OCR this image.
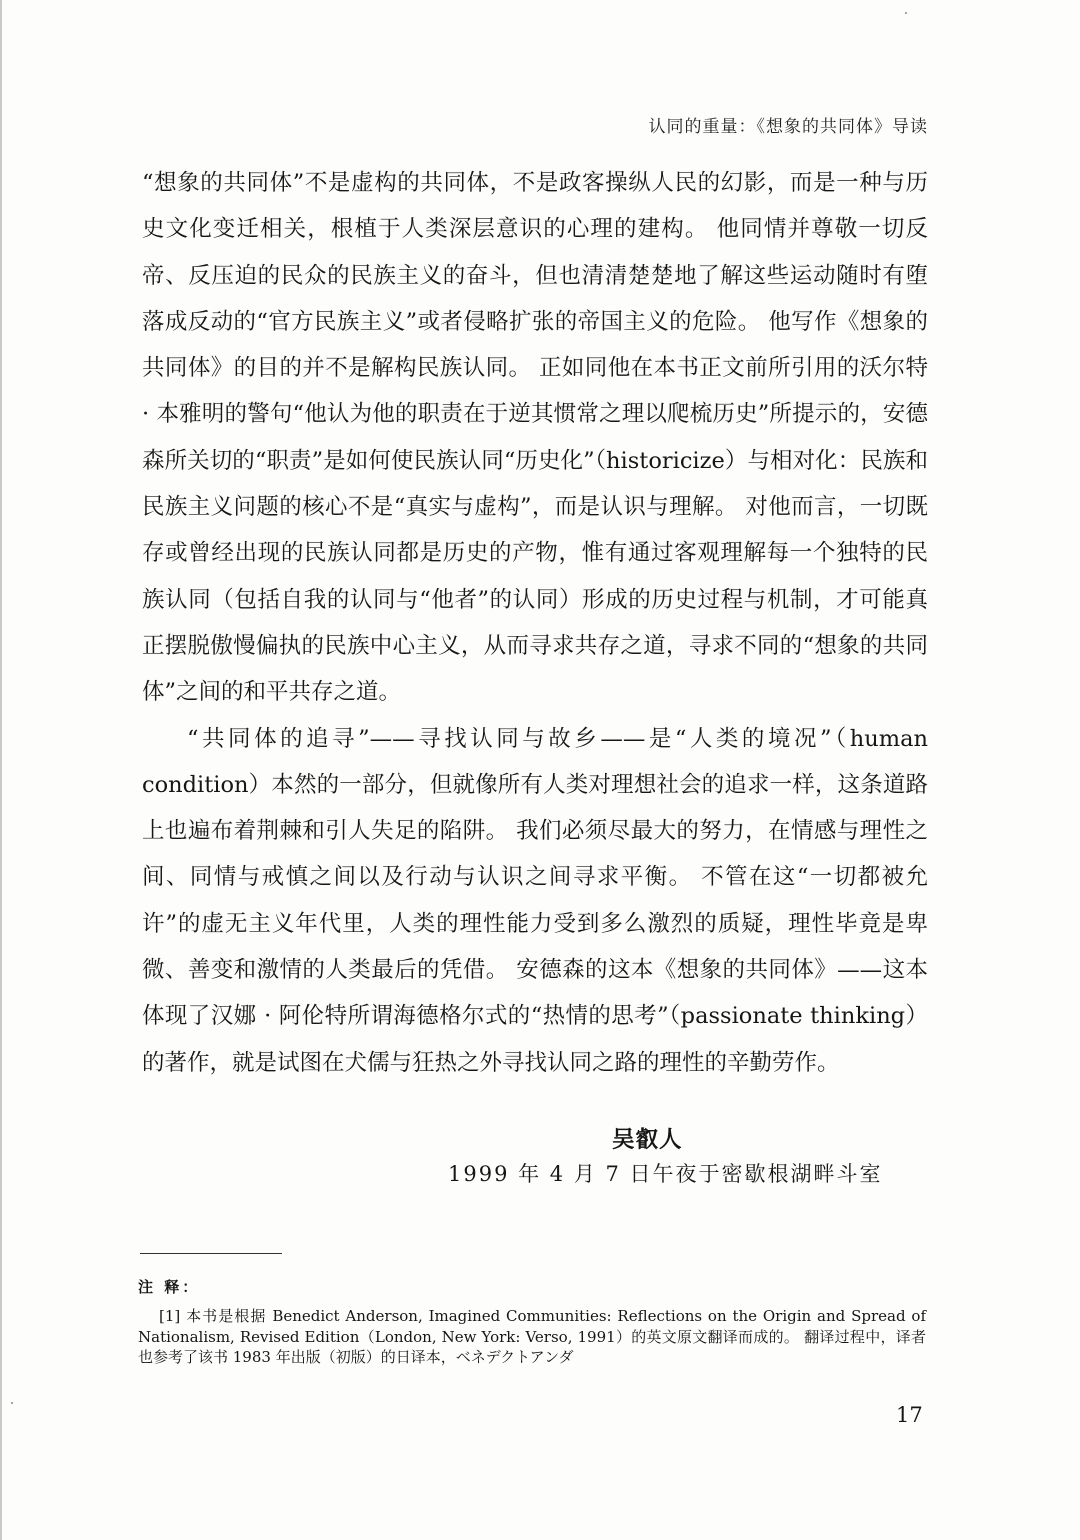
认同的重量：《想象的共同体》导读

“想象的共同体”不是虚构的共同体，不是政客操纵人民的幻影，而是一种与历史文化变迁相关，根植于人类深层意识的心理的建构。 他同情并尊敬一切反帝、反压迫的民众的民族主义的奋斗，但也清清楚楚地了解这些运动随时有堕落成反动的“官方民族主义”或者侵略扩张的帝国主义的危险。 他写作《想象的共同体》的目的并不是解构民族认同。 正如同他在本书正文前所引用的沃尔特 · 本雅明的警句“他认为他的职责在于逆其惯常之理以爬梳历史”所提示的，安德森所关切的“职责”是如何使民族认同“历史化”（historicize）与相对化：民族和民族主义问题的核心不是“真实与虚构”，而是认识与理解。 对他而言，一切既存或曾经出现的民族认同都是历史的产物，惟有通过客观理解每一个独特的民族认同（包括自我的认同与“他者”的认同）形成的历史过程与机制，才可能真正摆脱傲慢偏执的民族中心主义，从而寻求共存之道，寻求不同的“想象的共同体”之间的和平共存之道。

“共同体的追寻”——寻找认同与故乡——是“人类的境况”（human condition）本然的一部分，但就像所有人类对理想社会的追求一样，这条道路上也遍布着荆棘和引人失足的陷阱。 我们必须尽最大的努力，在情感与理性之间、同情与戒慎之间以及行动与认识之间寻求平衡。 不管在这“一切都被允许”的虚无主义年代里，人类的理性能力受到多么激烈的质疑，理性毕竟是卑微、善变和激情的人类最后的凭借。 安德森的这本《想象的共同体》——这本体现了汉娜 · 阿伦特所谓海德格尔式的“热情的思考”（passionate thinking）的著作，就是试图在犬儒与狂热之外寻找认同之路的理性的辛勤劳作。

吴叡人
1999 年 4 月 7 日午夜于密歇根湖畔斗室
注 释：
[1] 本书是根据 Benedict Anderson, Imagined Communities: Reflections on the Origin and Spread of Nationalism, Revised Edition（London, New York: Verso, 1991）的英文原文翻译而成的。 翻译过程中，译者也参考了该书 1983 年出版（初版）的日译本，ベネデクトアンダ
17
